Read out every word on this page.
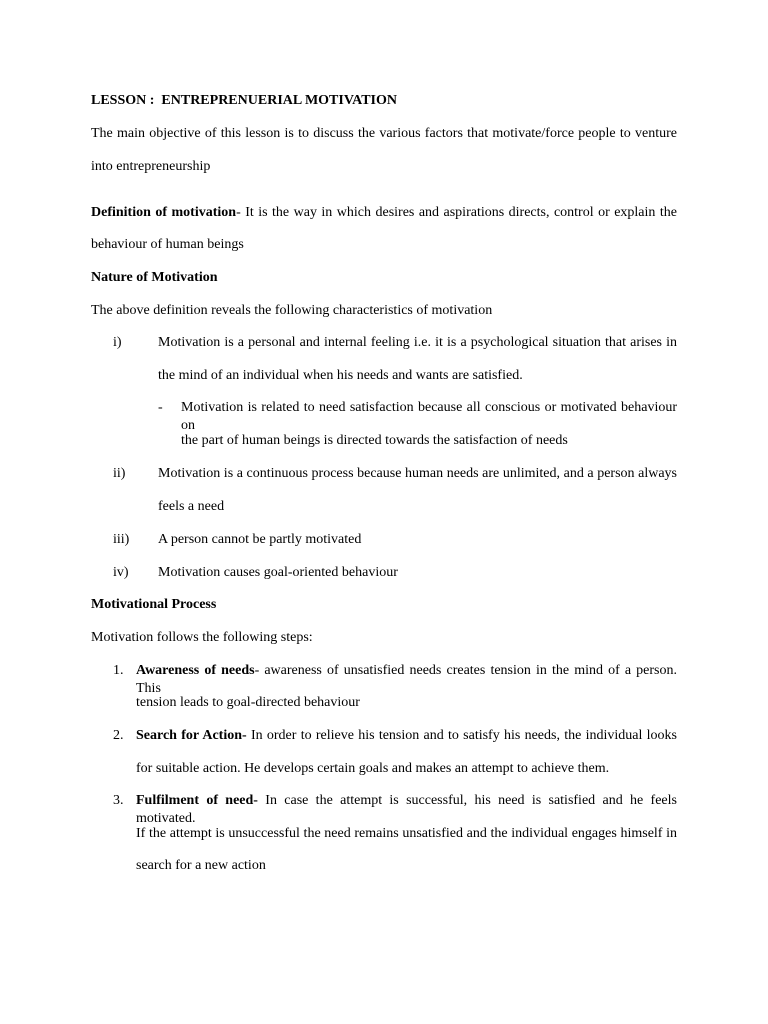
LESSON :  ENTREPRENUERIAL MOTIVATION
The main objective of this lesson is to discuss the various factors that motivate/force people to venture
into entrepreneurship
Definition of motivation- It is the way in which desires and aspirations directs, control or explain the
behaviour of human beings
Nature of Motivation
The above definition reveals the following characteristics of motivation
i)	Motivation is a personal and internal feeling i.e. it is a psychological situation that arises in
the mind of an individual when his needs and wants are satisfied.
- Motivation is related to need satisfaction because all conscious or motivated behaviour on
the part of human beings is directed towards the satisfaction of needs
ii) Motivation is a continuous process because human needs are unlimited, and a person always
feels a need
iii) A person cannot be partly motivated
iv) Motivation causes goal-oriented behaviour
Motivational Process
Motivation follows the following steps:
1. Awareness of needs- awareness of unsatisfied needs creates tension in the mind of a person. This
tension leads to goal-directed behaviour
2. Search for Action- In order to relieve his tension and to satisfy his needs, the individual looks
for suitable action. He develops certain goals and makes an attempt to achieve them.
3. Fulfilment of need- In case the attempt is successful, his need is satisfied and he feels motivated.
If the attempt is unsuccessful the need remains unsatisfied and the individual engages himself in
search for a new action
